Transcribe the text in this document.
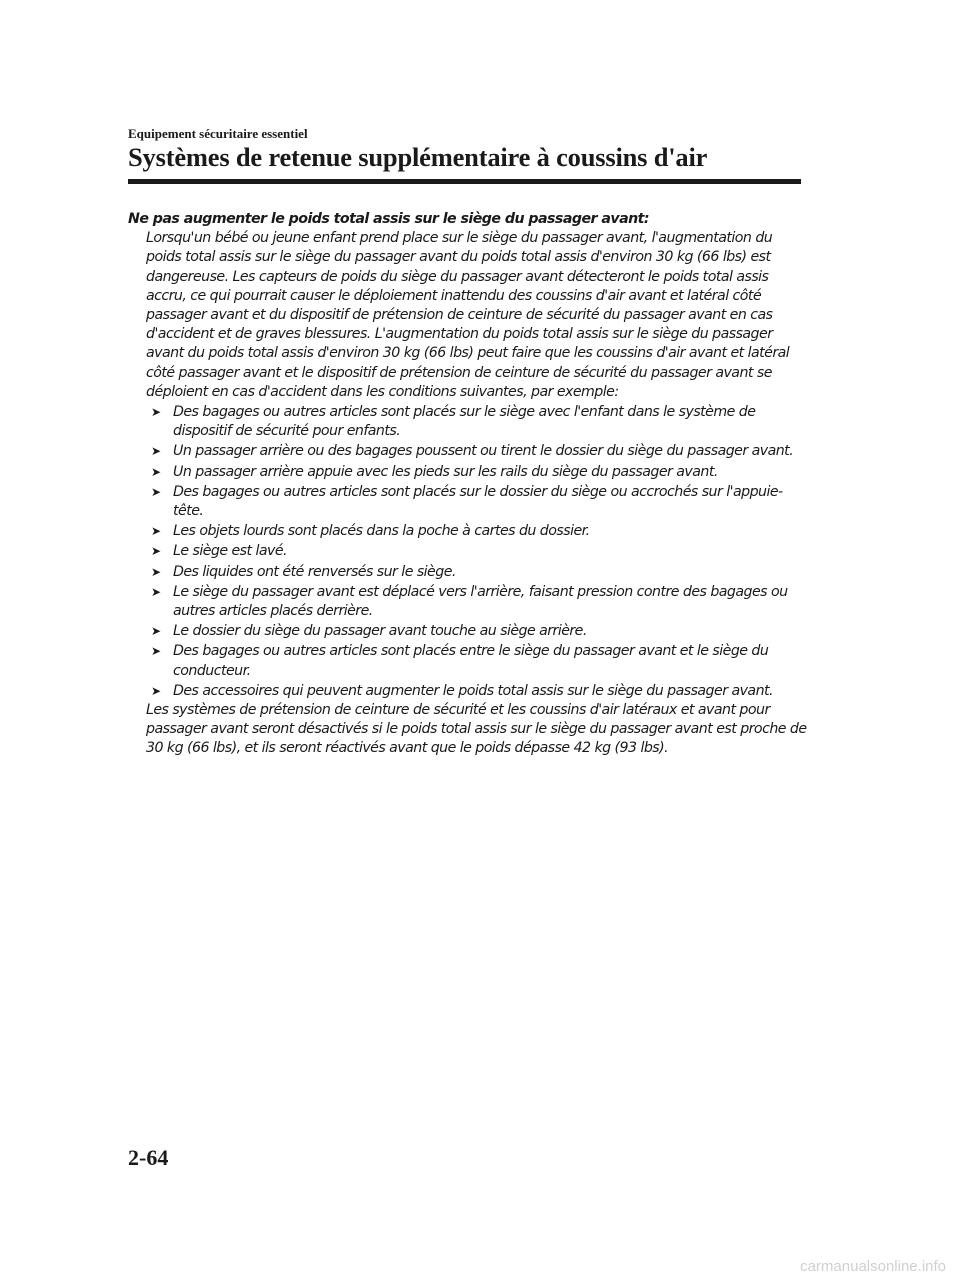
Equipement sécuritaire essentiel
Systèmes de retenue supplémentaire à coussins d'air
Ne pas augmenter le poids total assis sur le siège du passager avant:
Lorsqu'un bébé ou jeune enfant prend place sur le siège du passager avant, l'augmentation du poids total assis sur le siège du passager avant du poids total assis d'environ 30 kg (66 lbs) est dangereuse. Les capteurs de poids du siège du passager avant détecteront le poids total assis accru, ce qui pourrait causer le déploiement inattendu des coussins d'air avant et latéral côté passager avant et du dispositif de prétension de ceinture de sécurité du passager avant en cas d'accident et de graves blessures. L'augmentation du poids total assis sur le siège du passager avant du poids total assis d'environ 30 kg (66 lbs) peut faire que les coussins d'air avant et latéral côté passager avant et le dispositif de prétension de ceinture de sécurité du passager avant se déploient en cas d'accident dans les conditions suivantes, par exemple:
➤ Des bagages ou autres articles sont placés sur le siège avec l'enfant dans le système de dispositif de sécurité pour enfants.
➤ Un passager arrière ou des bagages poussent ou tirent le dossier du siège du passager avant.
➤ Un passager arrière appuie avec les pieds sur les rails du siège du passager avant.
➤ Des bagages ou autres articles sont placés sur le dossier du siège ou accrochés sur l'appuie-tête.
➤ Les objets lourds sont placés dans la poche à cartes du dossier.
➤ Le siège est lavé.
➤ Des liquides ont été renversés sur le siège.
➤ Le siège du passager avant est déplacé vers l'arrière, faisant pression contre des bagages ou autres articles placés derrière.
➤ Le dossier du siège du passager avant touche au siège arrière.
➤ Des bagages ou autres articles sont placés entre le siège du passager avant et le siège du conducteur.
➤ Des accessoires qui peuvent augmenter le poids total assis sur le siège du passager avant.
Les systèmes de prétension de ceinture de sécurité et les coussins d'air latéraux et avant pour passager avant seront désactivés si le poids total assis sur le siège du passager avant est proche de 30 kg (66 lbs), et ils seront réactivés avant que le poids dépasse 42 kg (93 lbs).
2-64
carmanualsonline.info
